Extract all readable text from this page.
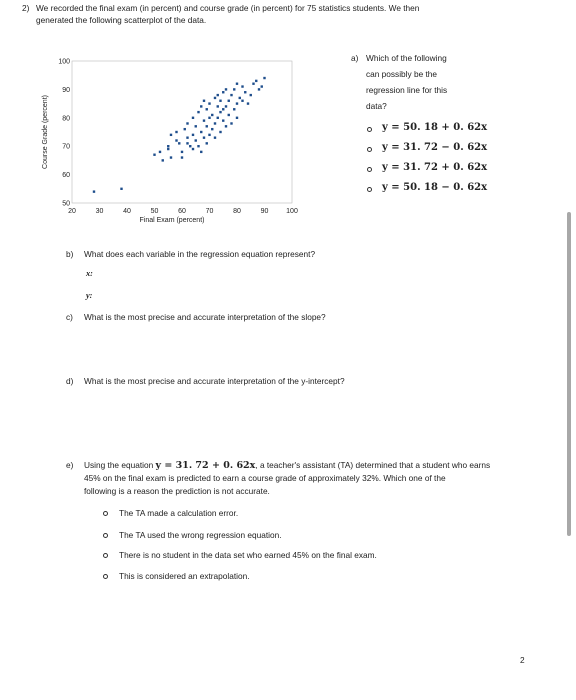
2) We recorded the final exam (in percent) and course grade (in percent) for 75 statistics students. We then
generated the following scatterplot of the data.
20	30	40	50	60	70	80	90	100
50
60
70
80
90
100
Final Exam (percent)
Course Grade (percent)
a) Which of the following
can possibly be the
regression line for this
data?
y = 50. 18 + 0. 62x
y = 31. 72 − 0. 62x
y = 31. 72 + 0. 62x
y = 50. 18 − 0. 62x
b) What does each variable in the regression equation represent?
x:
y:
c) What is the most precise and accurate interpretation of the slope?
d) What is the most precise and accurate interpretation of the y-intercept?
e) Using the equation y = 31. 72 + 0. 62x, a teacher's assistant (TA) determined that a student who earns
45% on the final exam is predicted to earn a course grade of approximately 32%. Which one of the
following is a reason the prediction is not accurate.
The TA made a calculation error.
The TA used the wrong regression equation.
There is no student in the data set who earned 45% on the final exam.
This is considered an extrapolation.
2
